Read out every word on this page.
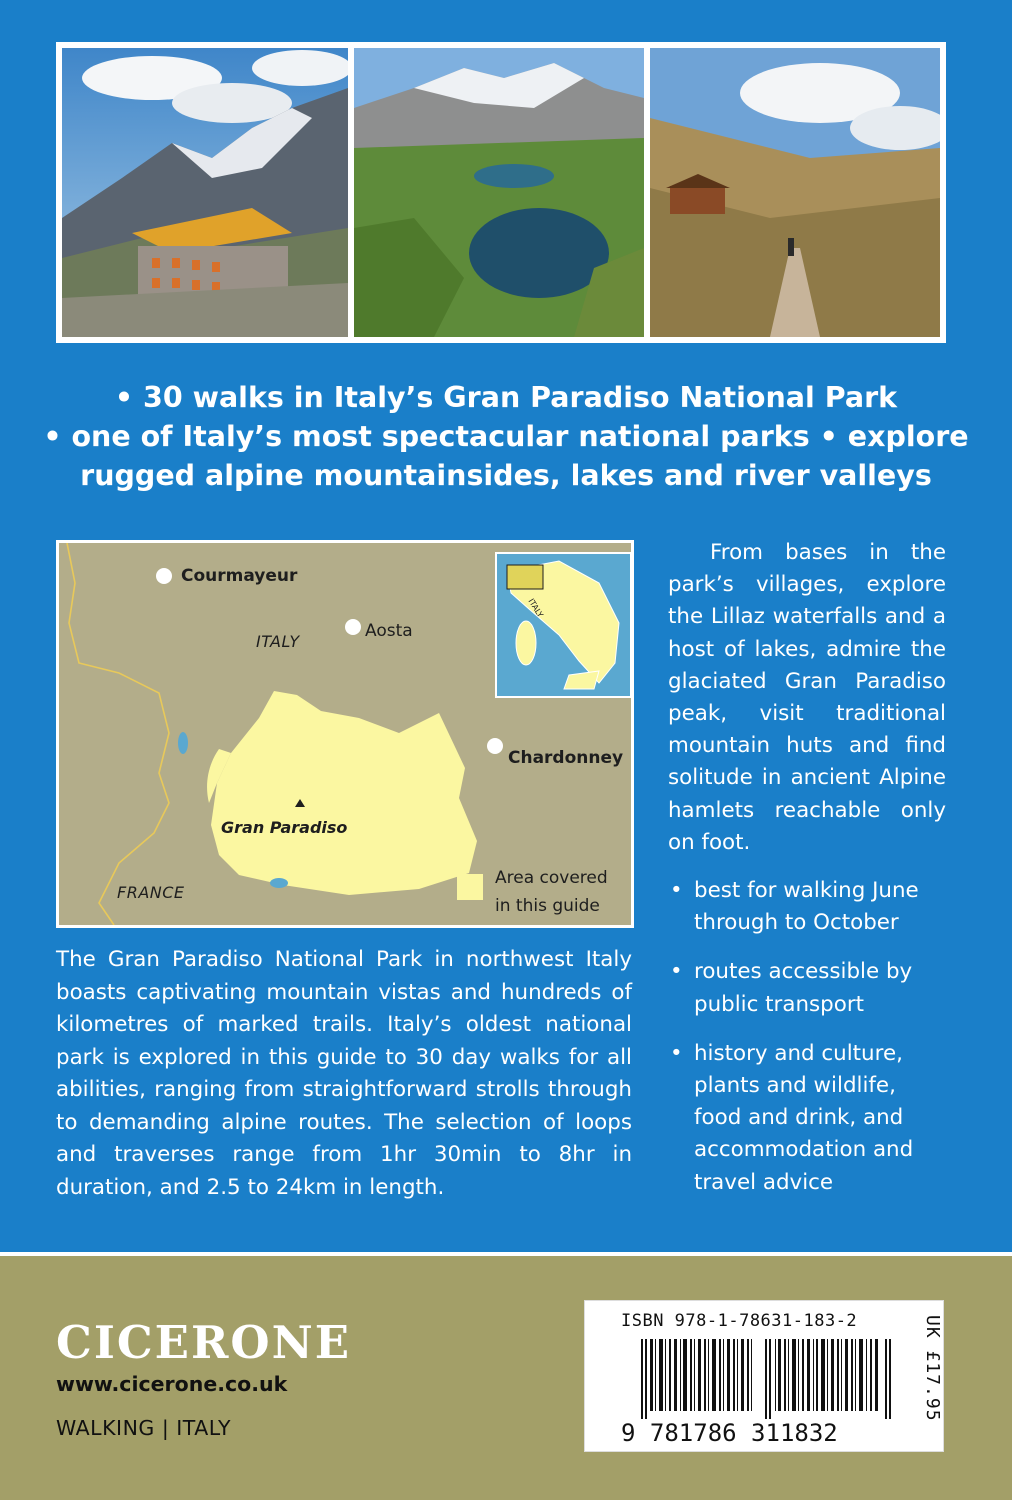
• 30 walks in Italy’s Gran Paradiso National Park
• one of Italy’s most spectacular national parks • explore
rugged alpine mountainsides, lakes and river valleys
Courmayeur
Aosta
ITALY
Chardonney
Gran Paradiso
FRANCE
Area covered in this guide
ITALY

The Gran Paradiso National Park in northwest Italy boasts captivating mountain vistas and hundreds of kilometres of marked trails. Italy’s oldest national park is explored in this guide to 30 day walks for all abilities, ranging from straightforward strolls through to demanding alpine routes. The selection of loops and traverses range from 1hr 30min to 8hr in duration, and 2.5 to 24km in length.

From bases in the park’s villages, explore the Lillaz waterfalls and a host of lakes, admire the glaciated Gran Paradiso peak, visit traditional mountain huts and find solitude in ancient Alpine hamlets reachable only on foot.

• best for walking June through to October
• routes accessible by public transport
• history and culture, plants and wildlife, food and drink, and accommodation and travel advice
CICERONE
www.cicerone.co.uk
WALKING | ITALY
ISBN 978-1-78631-183-2
9 781786 311832
UK £17.95
